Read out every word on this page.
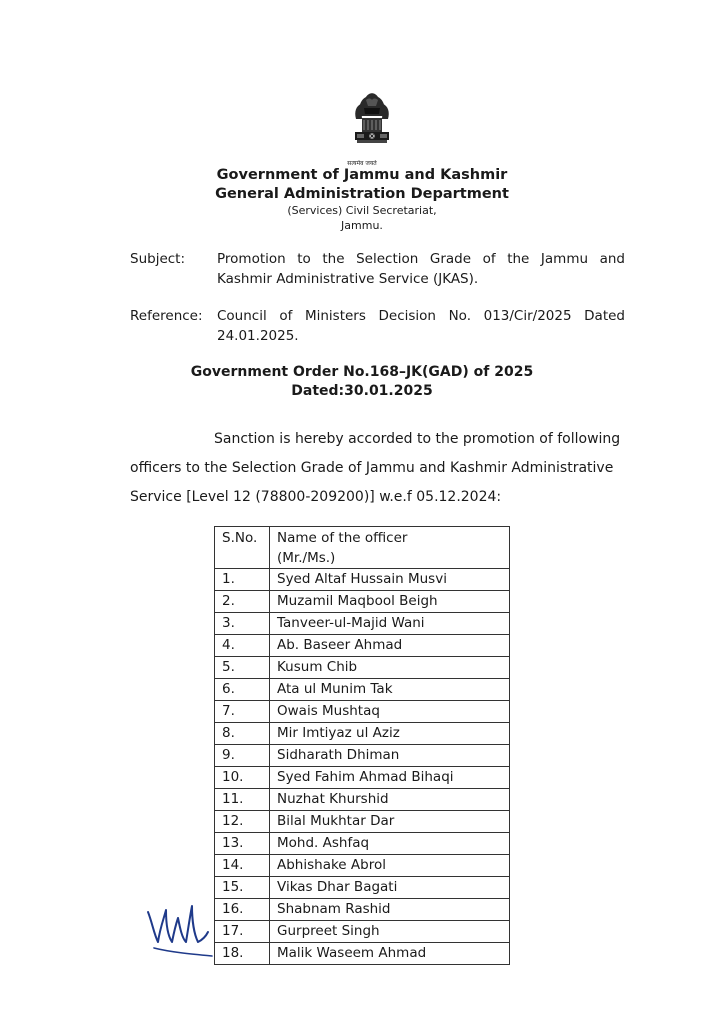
सत्यमेव जयते
Government of Jammu and Kashmir
General Administration Department
(Services) Civil Secretariat,
Jammu.
Subject:	Promotion to the Selection Grade of the Jammu and Kashmir Administrative Service (JKAS).
Reference:	Council of Ministers Decision No. 013/Cir/2025 Dated 24.01.2025.
Government Order No.168–JK(GAD) of 2025
Dated:30.01.2025
Sanction is hereby accorded to the promotion of following
officers to the Selection Grade of Jammu and Kashmir Administrative
Service [Level 12 (78800-209200)] w.e.f 05.12.2024:
S.No.	Name of the officer
(Mr./Ms.)
1.	Syed Altaf Hussain Musvi
2.	Muzamil Maqbool Beigh
3.	Tanveer-ul-Majid Wani
4.	Ab. Baseer Ahmad
5.	Kusum Chib
6.	Ata ul Munim Tak
7.	Owais Mushtaq
8.	Mir Imtiyaz ul Aziz
9.	Sidharath Dhiman
10.	Syed Fahim Ahmad Bihaqi
11.	Nuzhat Khurshid
12.	Bilal Mukhtar Dar
13.	Mohd. Ashfaq
14.	Abhishake Abrol
15.	Vikas Dhar Bagati
16.	Shabnam Rashid
17.	Gurpreet Singh
18.	Malik Waseem Ahmad
